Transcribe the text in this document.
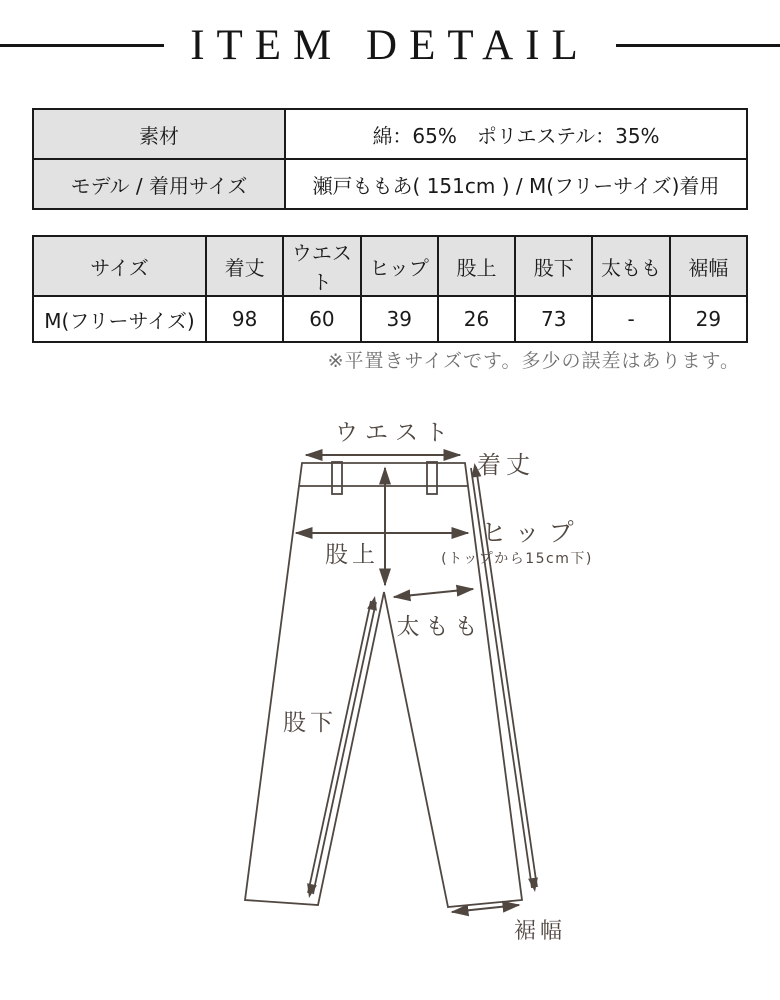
ITEM DETAIL
素材	綿：65%　ポリエステル：35%
モデル / 着用サイズ	瀬戸ももあ( 151cm ) / M(フリーサイズ)着用
サイズ	着丈	ウエスト	ヒップ	股上	股下	太もも	裾幅
M(フリーサイズ)	98	60	39	26	73	-	29
※平置きサイズです。多少の誤差はあります。
ウエスト
着丈
ヒップ
(トップから15cm下)
股上
太もも
股下
裾幅
